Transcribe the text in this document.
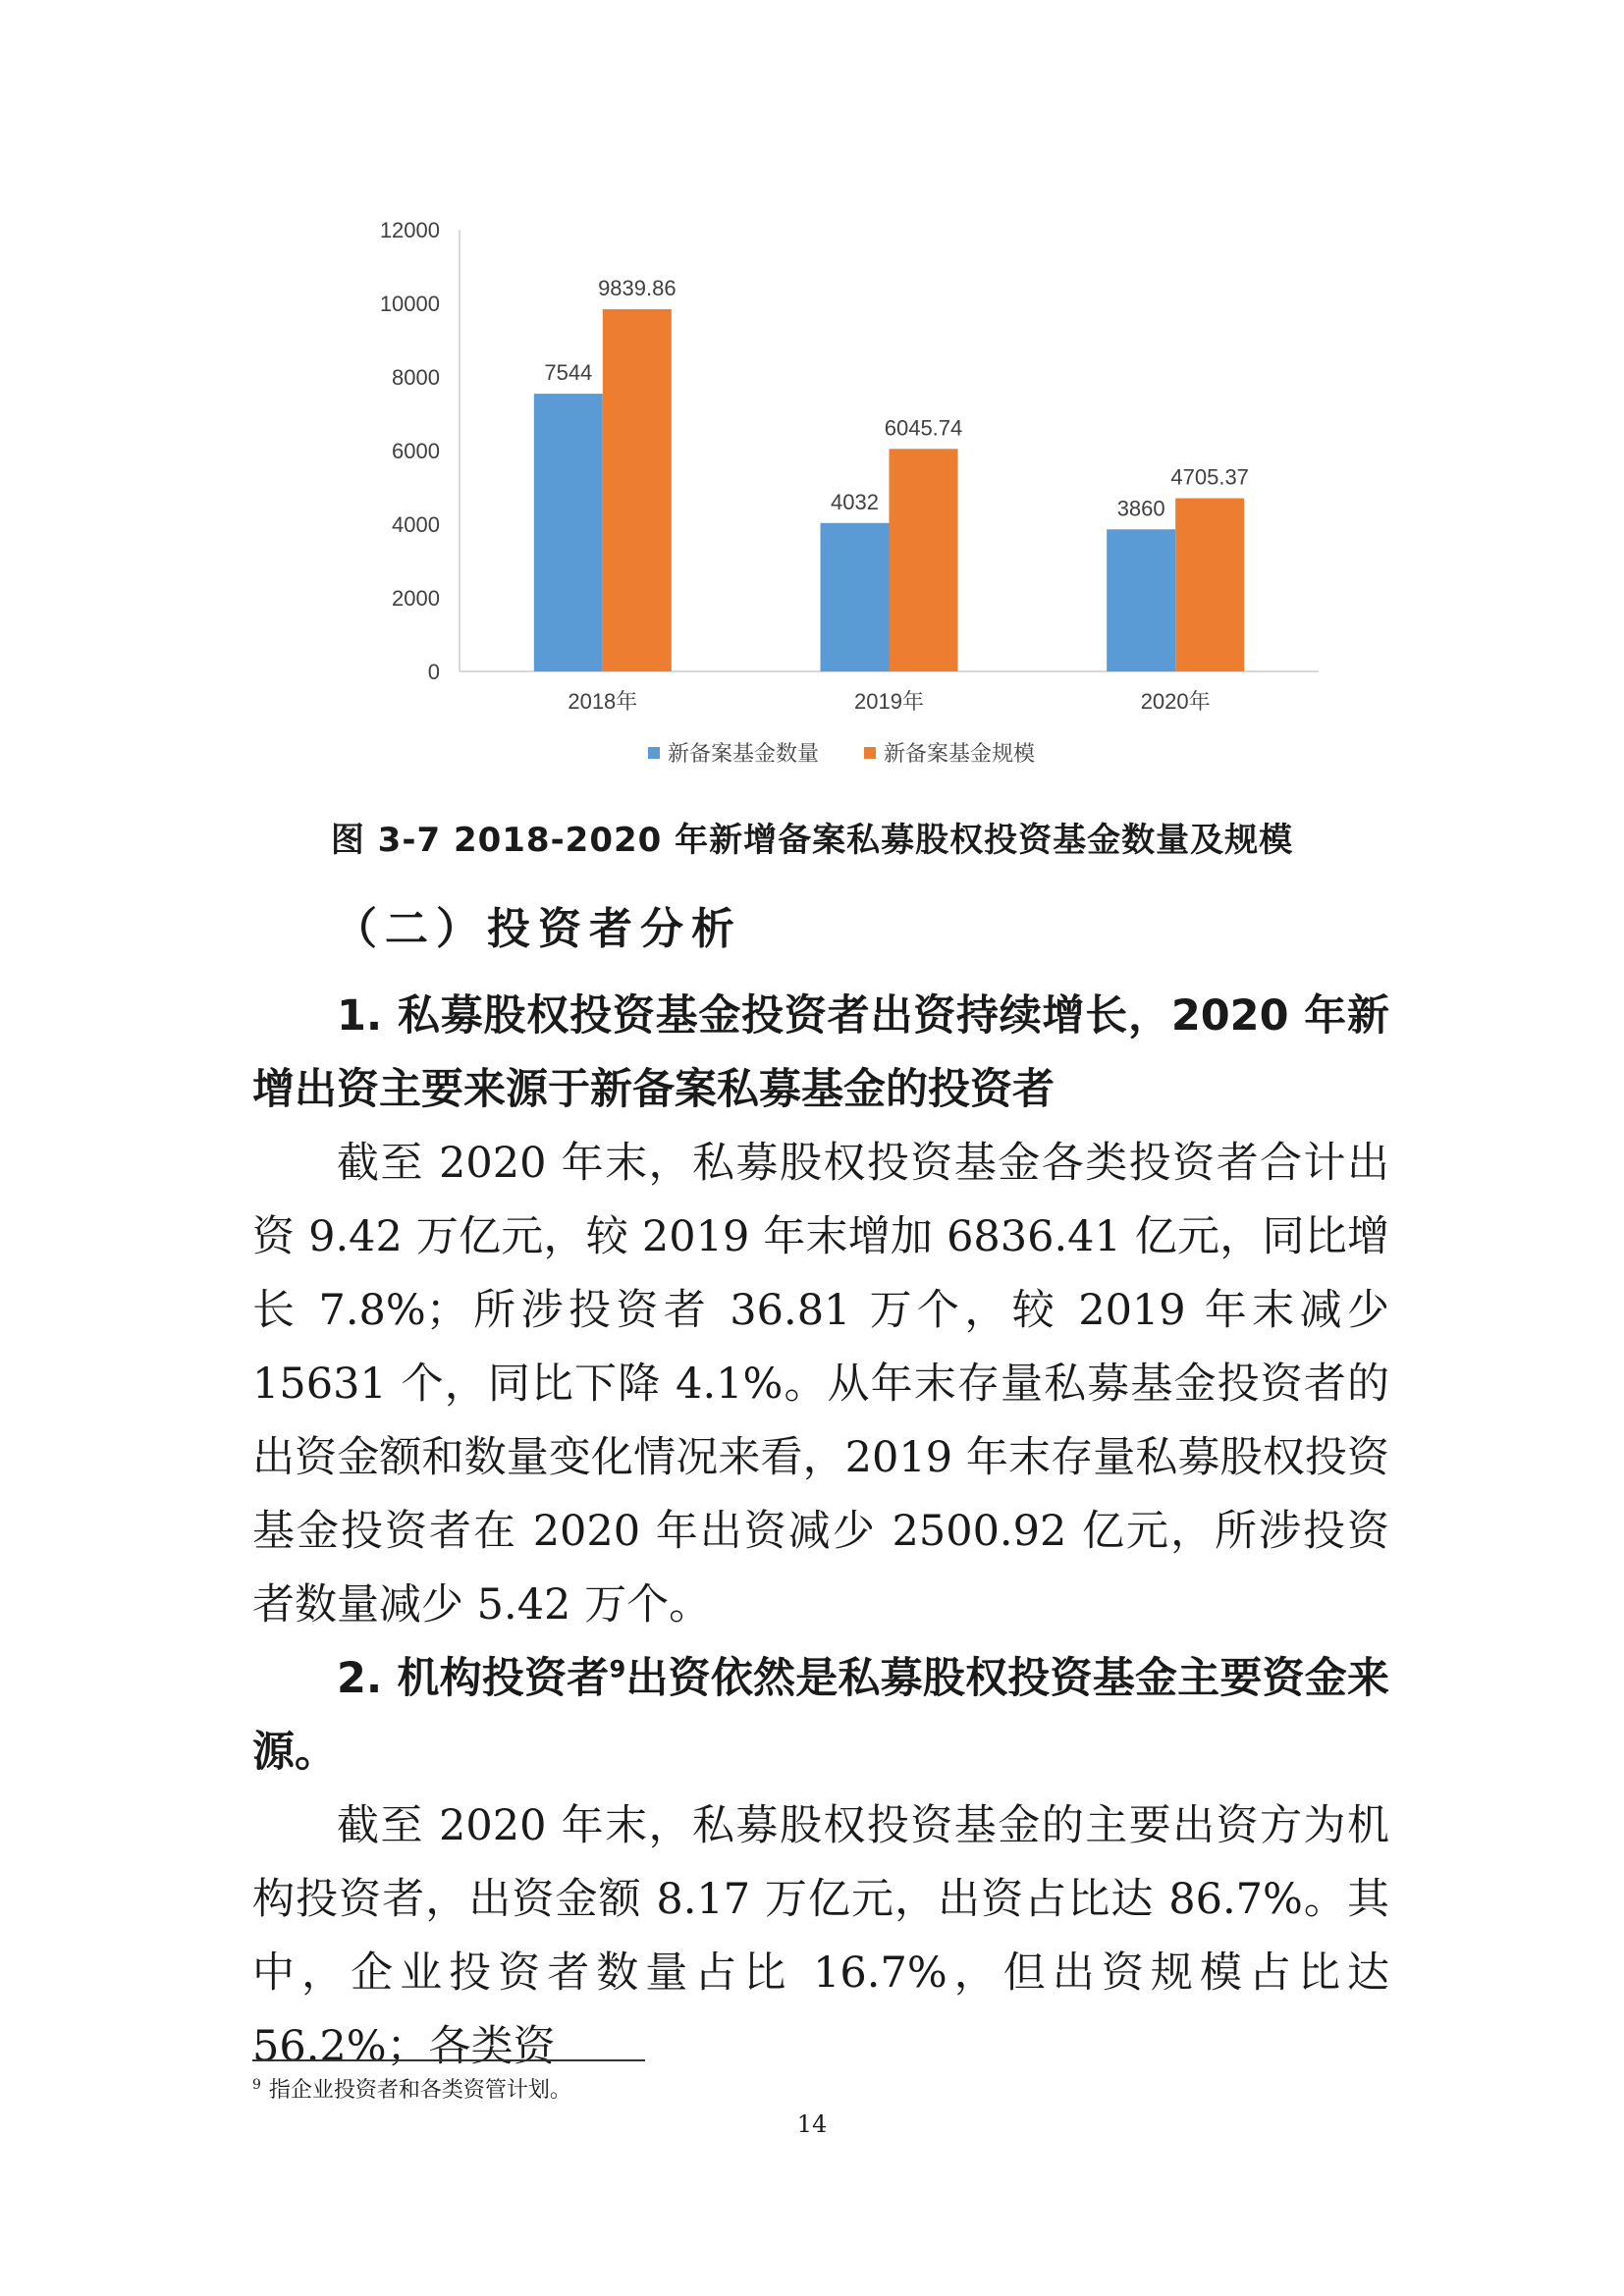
0
2000
4000
6000
8000
10000
12000
7544
9839.86
4032
6045.74
3860
4705.37
2018年	2019年	2020年
新备案基金数量	新备案基金规模
图 3-7 2018-2020 年新增备案私募股权投资基金数量及规模
（二）投资者分析

1. 私募股权投资基金投资者出资持续增长，2020 年新增出资主要来源于新备案私募基金的投资者

截至 2020 年末，私募股权投资基金各类投资者合计出资 9.42 万亿元，较 2019 年末增加 6836.41 亿元，同比增长 7.8%；所涉投资者 36.81 万个，较 2019 年末减少 15631 个，同比下降 4.1%。从年末存量私募基金投资者的出资金额和数量变化情况来看，2019 年末存量私募股权投资基金投资者在 2020 年出资减少 2500.92 亿元，所涉投资者数量减少 5.42 万个。

2. 机构投资者$^9$出资依然是私募股权投资基金主要资金来源。

截至 2020 年末，私募股权投资基金的主要出资方为机构投资者，出资金额 8.17 万亿元，出资占比达 86.7%。其中，企业投资者数量占比 16.7%，但出资规模占比达 56.2%；各类资

$^9$ 指企业投资者和各类资管计划。
14
